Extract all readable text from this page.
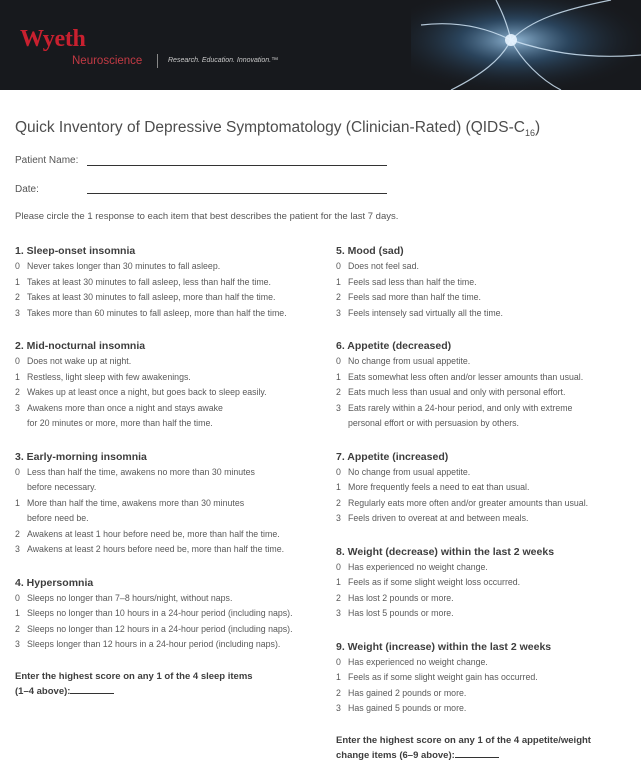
Wyeth
Neuroscience	Research. Education. Innovation.™
Quick Inventory of Depressive Symptomatology (Clinician-Rated) $(QIDS-C_{16})$
Patient Name:
Date:
Please circle the 1 response to each item that best describes the patient for the last 7 days.
1. Sleep-onset insomnia
0 Never takes longer than 30 minutes to fall asleep.
1 Takes at least 30 minutes to fall asleep, less than half the time.
2 Takes at least 30 minutes to fall asleep, more than half the time.
3 Takes more than 60 minutes to fall asleep, more than half the time.
2. Mid-nocturnal insomnia
0 Does not wake up at night.
1 Restless, light sleep with few awakenings.
2 Wakes up at least once a night, but goes back to sleep easily.
3 Awakens more than once a night and stays awake
for 20 minutes or more, more than half the time.
3. Early-morning insomnia
0 Less than half the time, awakens no more than 30 minutes
before necessary.
1 More than half the time, awakens more than 30 minutes
before need be.
2 Awakens at least 1 hour before need be, more than half the time.
3 Awakens at least 2 hours before need be, more than half the time.
4. Hypersomnia
0 Sleeps no longer than 7–8 hours/night, without naps.
1 Sleeps no longer than 10 hours in a 24-hour period (including naps).
2 Sleeps no longer than 12 hours in a 24-hour period (including naps).
3 Sleeps longer than 12 hours in a 24-hour period (including naps).
Enter the highest score on any 1 of the 4 sleep items
(1–4 above):
5. Mood (sad)
0 Does not feel sad.
1 Feels sad less than half the time.
2 Feels sad more than half the time.
3 Feels intensely sad virtually all the time.
6. Appetite (decreased)
0 No change from usual appetite.
1 Eats somewhat less often and/or lesser amounts than usual.
2 Eats much less than usual and only with personal effort.
3 Eats rarely within a 24-hour period, and only with extreme
personal effort or with persuasion by others.
7. Appetite (increased)
0 No change from usual appetite.
1 More frequently feels a need to eat than usual.
2 Regularly eats more often and/or greater amounts than usual.
3 Feels driven to overeat at and between meals.
8. Weight (decrease) within the last 2 weeks
0 Has experienced no weight change.
1 Feels as if some slight weight loss occurred.
2 Has lost 2 pounds or more.
3 Has lost 5 pounds or more.
9. Weight (increase) within the last 2 weeks
0 Has experienced no weight change.
1 Feels as if some slight weight gain has occurred.
2 Has gained 2 pounds or more.
3 Has gained 5 pounds or more.
Enter the highest score on any 1 of the 4 appetite/weight
change items (6–9 above):
